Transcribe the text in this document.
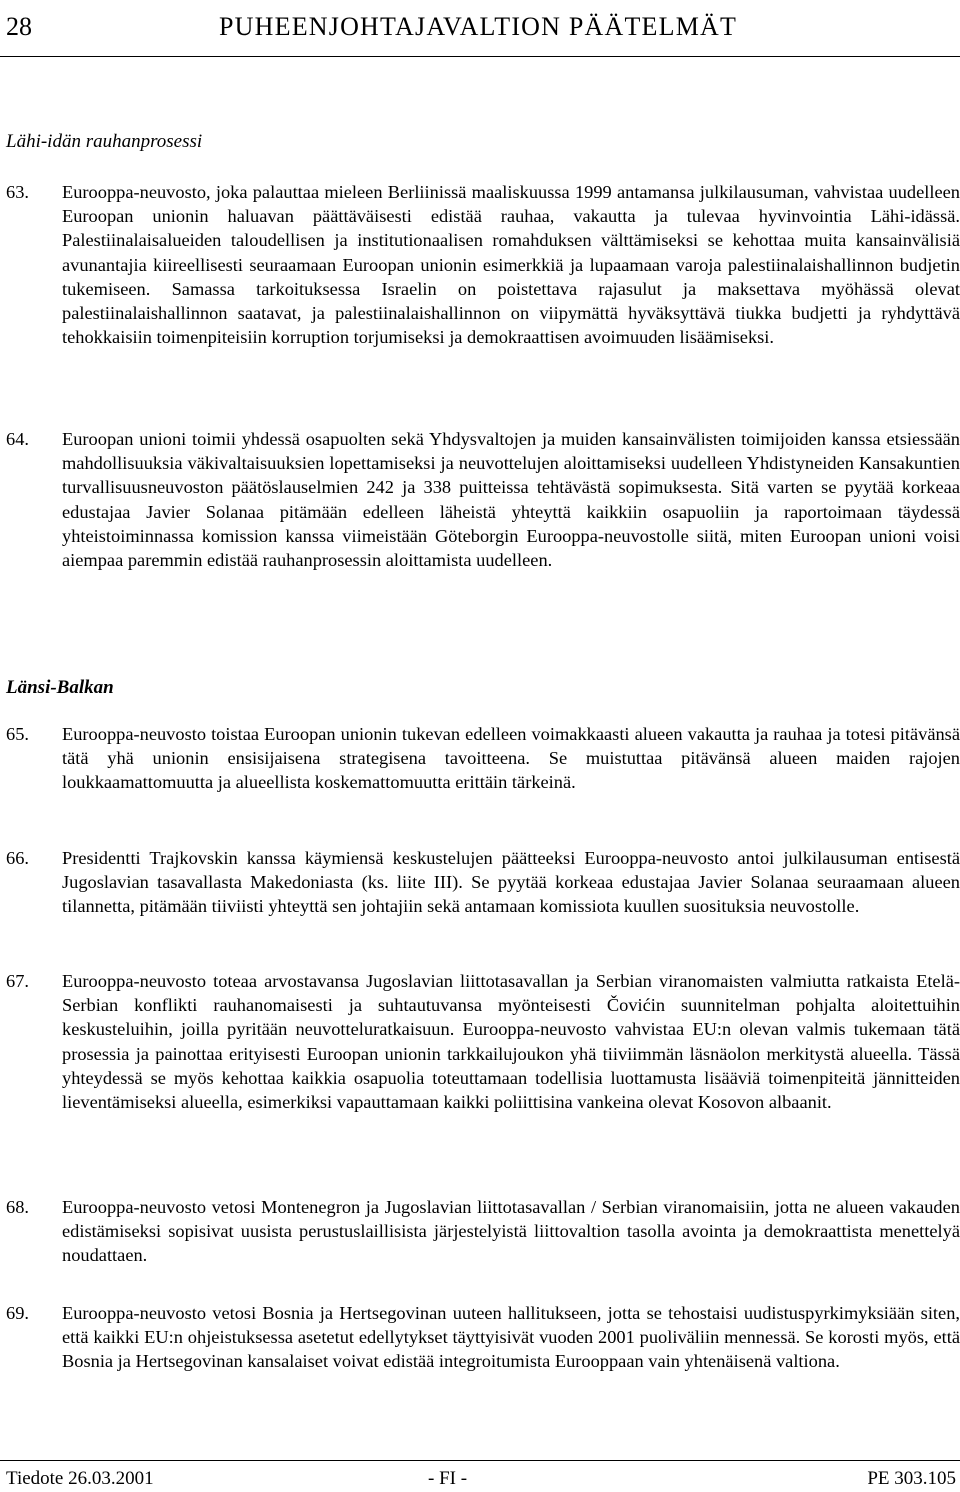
28	PUHEENJOHTAJAVALTION PÄÄTELMÄT
Lähi-idän rauhanprosessi
63. Eurooppa-neuvosto, joka palauttaa mieleen Berliinissä maaliskuussa 1999 antamansa julkilausuman, vahvistaa uudelleen Euroopan unionin haluavan päättäväisesti edistää rauhaa, vakautta ja tulevaa hyvinvointia Lähi-idässä. Palestiinalaisalueiden taloudellisen ja institutionaalisen romahduksen välttämiseksi se kehottaa muita kansainvälisiä avunantajia kiireellisesti seuraamaan Euroopan unionin esimerkkiä ja lupaamaan varoja palestiinalaishallinnon budjetin tukemiseen. Samassa tarkoituksessa Israelin on poistettava rajasulut ja maksettava myöhässä olevat palestiinalaishallinnon saatavat, ja palestiinalaishallinnon on viipymättä hyväksyttävä tiukka budjetti ja ryhdyttävä tehokkaisiin toimenpiteisiin korruption torjumiseksi ja demokraattisen avoimuuden lisäämiseksi.
64. Euroopan unioni toimii yhdessä osapuolten sekä Yhdysvaltojen ja muiden kansainvälisten toimijoiden kanssa etsiessään mahdollisuuksia väkivaltaisuuksien lopettamiseksi ja neuvottelujen aloittamiseksi uudelleen Yhdistyneiden Kansakuntien turvallisuusneuvoston päätöslauselmien 242 ja 338 puitteissa tehtävästä sopimuksesta. Sitä varten se pyytää korkeaa edustajaa Javier Solanaa pitämään edelleen läheistä yhteyttä kaikkiin osapuoliin ja raportoimaan täydessä yhteistoiminnassa komission kanssa viimeistään Göteborgin Eurooppa-neuvostolle siitä, miten Euroopan unioni voisi aiempaa paremmin edistää rauhanprosessin aloittamista uudelleen.
Länsi-Balkan
65. Eurooppa-neuvosto toistaa Euroopan unionin tukevan edelleen voimakkaasti alueen vakautta ja rauhaa ja totesi pitävänsä tätä yhä unionin ensisijaisena strategisena tavoitteena. Se muistuttaa pitävänsä alueen maiden rajojen loukkaamattomuutta ja alueellista koskemattomuutta erittäin tärkeinä.
66. Presidentti Trajkovskin kanssa käymiensä keskustelujen päätteeksi Eurooppa-neuvosto antoi julkilausuman entisestä Jugoslavian tasavallasta Makedoniasta (ks. liite III). Se pyytää korkeaa edustajaa Javier Solanaa seuraamaan alueen tilannetta, pitämään tiiviisti yhteyttä sen johtajiin sekä antamaan komissiota kuullen suosituksia neuvostolle.
67. Eurooppa-neuvosto toteaa arvostavansa Jugoslavian liittotasavallan ja Serbian viranomaisten valmiutta ratkaista Etelä-Serbian konflikti rauhanomaisesti ja suhtautuvansa myönteisesti Čovićin suunnitelman pohjalta aloitettuihin keskusteluihin, joilla pyritään neuvotteluratkaisuun. Eurooppa-neuvosto vahvistaa EU:n olevan valmis tukemaan tätä prosessia ja painottaa erityisesti Euroopan unionin tarkkailujoukon yhä tiiviimmän läsnäolon merkitystä alueella. Tässä yhteydessä se myös kehottaa kaikkia osapuolia toteuttamaan todellisia luottamusta lisääviä toimenpiteitä jännitteiden lieventämiseksi alueella, esimerkiksi vapauttamaan kaikki poliittisina vankeina olevat Kosovon albaanit.
68. Eurooppa-neuvosto vetosi Montenegron ja Jugoslavian liittotasavallan / Serbian viranomaisiin, jotta ne alueen vakauden edistämiseksi sopisivat uusista perustuslaillisista järjestelyistä liittovaltion tasolla avointa ja demokraattista menettelyä noudattaen.
69. Eurooppa-neuvosto vetosi Bosnia ja Hertsegovinan uuteen hallitukseen, jotta se tehostaisi uudistuspyrkimyksiään siten, että kaikki EU:n ohjeistuksessa asetetut edellytykset täyttyisivät vuoden 2001 puoliväliin mennessä. Se korosti myös, että Bosnia ja Hertsegovinan kansalaiset voivat edistää integroitumista Eurooppaan vain yhtenäisenä valtiona.
Tiedote 26.03.2001	- FI -	PE 303.105
